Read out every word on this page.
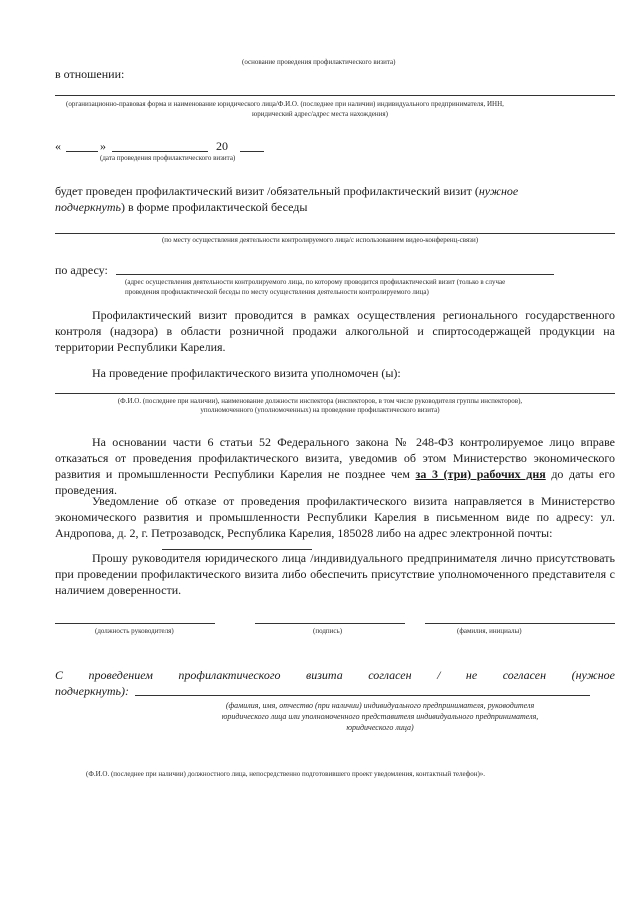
(основание проведения профилактического визита)
в отношении:
(организационно-правовая форма и наименование юридического лица/Ф.И.О. (последнее при наличии) индивидуального предпринимателя, ИНН,
юридический адрес/адрес места нахождения)
«	»	20
(дата проведения профилактического визита)
будет проведен профилактический визит /обязательный профилактический визит (нужное
подчеркнуть) в форме профилактической беседы
(по месту осуществления деятельности контролируемого лица/с использованием видео-конференц-связи)
по адресу:
(адрес осуществления деятельности контролируемого лица, по которому проводится профилактический визит (только в случае
проведения профилактической беседы по месту осуществления деятельности контролируемого лица)
Профилактический визит проводится в рамках осуществления регионального государственного контроля (надзора) в области розничной продажи алкогольной и спиртосодержащей продукции на территории Республики Карелия.
На проведение профилактического визита уполномочен (ы):
(Ф.И.О. (последнее при наличии), наименование должности инспектора (инспекторов, в том числе руководителя группы инспекторов),
уполномоченного (уполномоченных) на проведение профилактического визита)
На основании части 6 статьи 52 Федерального закона № 248-ФЗ контролируемое лицо вправе отказаться от проведения профилактического визита, уведомив об этом Министерство экономического развития и промышленности Республики Карелия не позднее чем за 3 (три) рабочих дня до даты его проведения.
Уведомление об отказе от проведения профилактического визита направляется в Министерство экономического развития и промышленности Республики Карелия в письменном виде по адресу: ул. Андропова, д. 2, г. Петрозаводск, Республика Карелия, 185028 либо на адрес электронной почты:
Прошу руководителя юридического лица /индивидуального предпринимателя лично присутствовать при проведении профилактического визита либо обеспечить присутствие уполномоченного представителя с наличием доверенности.
(должность руководителя)	(подпись)	(фамилия, инициалы)
С проведением профилактического визита согласен / не согласен (нужное
подчеркнуть):
(фамилия, имя, отчество (при наличии) индивидуального предпринимателя, руководителя
юридического лица или уполномоченного представителя индивидуального предпринимателя,
юридического лица)
(Ф.И.О. (последнее при наличии) должностного лица, непосредственно подготовившего проект уведомления, контактный телефон)».
